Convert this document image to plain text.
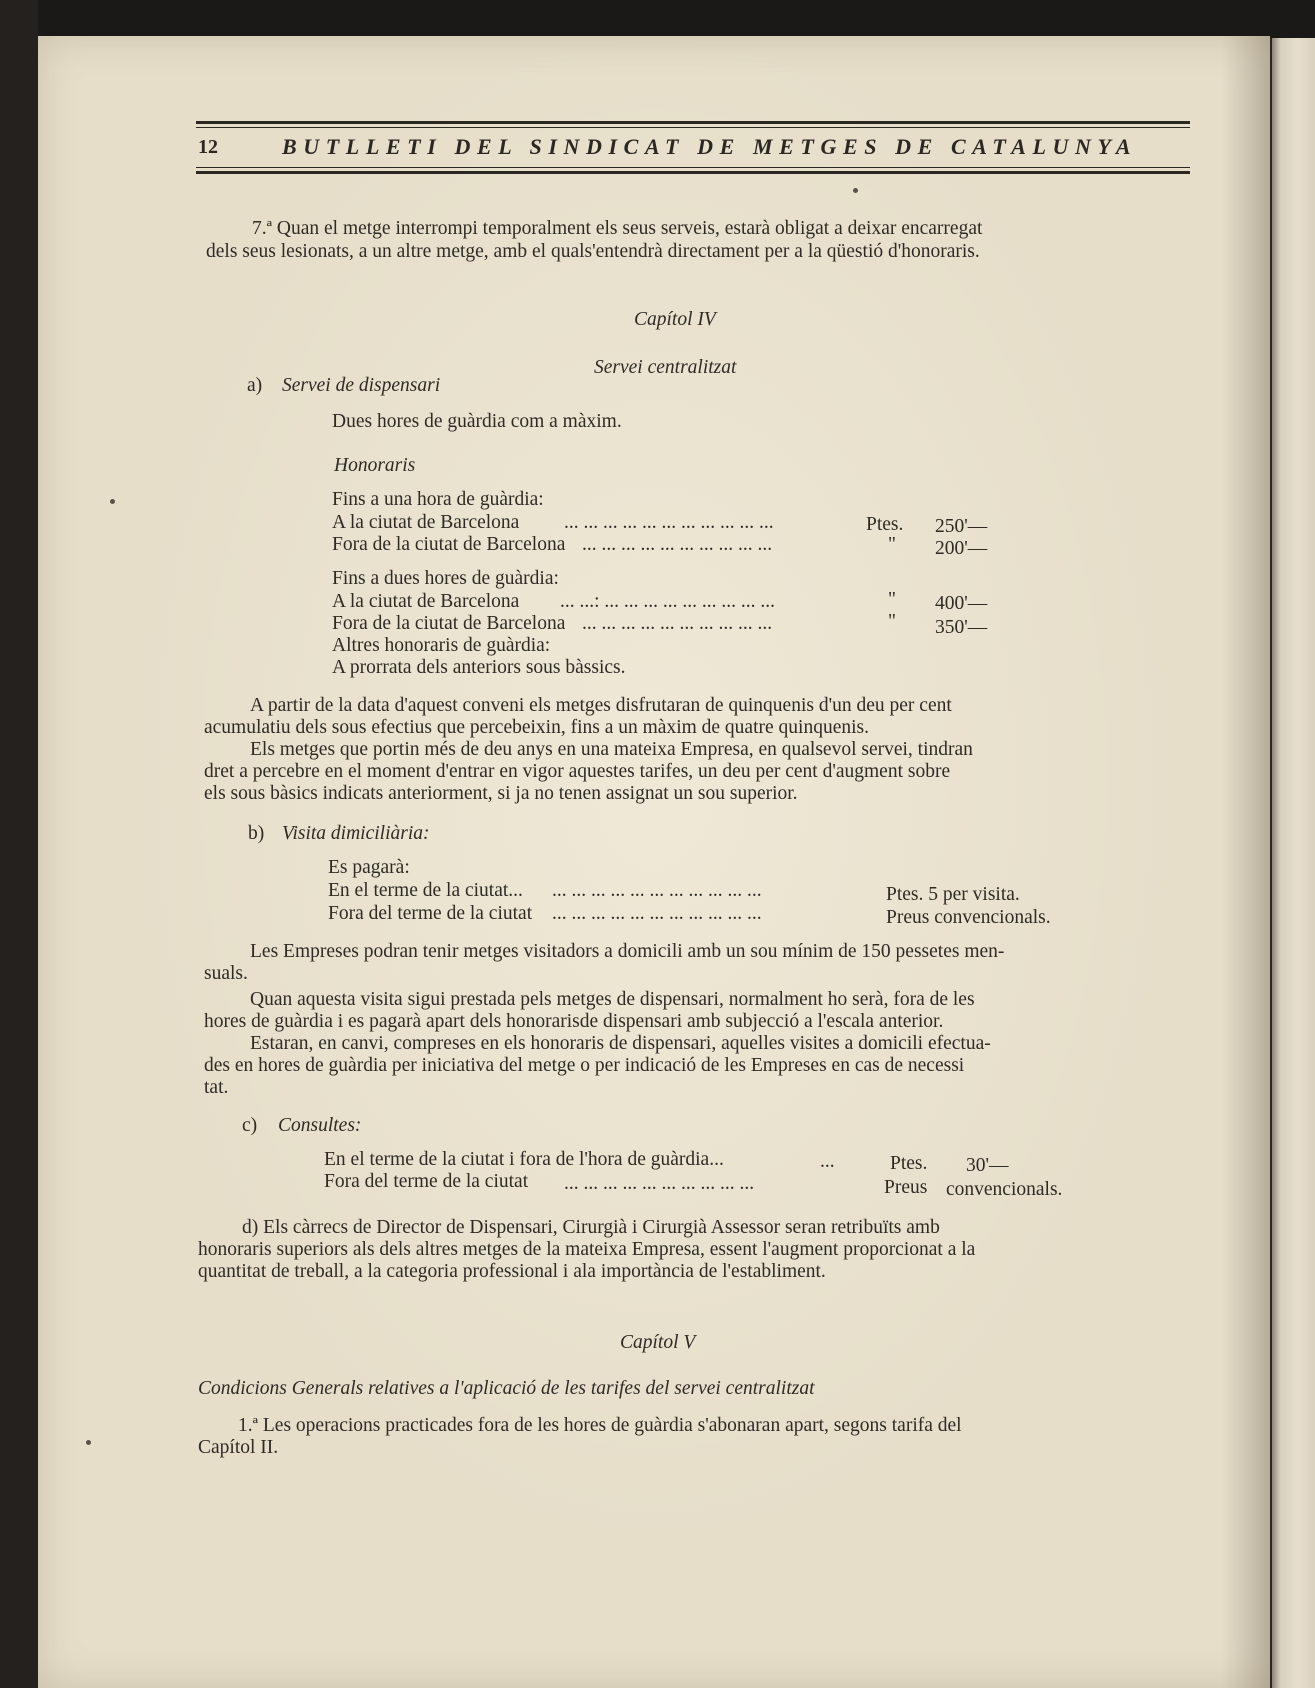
12	BUTLLETI DEL SINDICAT DE METGES DE CATALUNYA
7.ª Quan el metge interrompi temporalment els seus serveis, estarà obligat a deixar encarregat
dels seus lesionats, a un altre metge, amb el quals'entendrà directament per a la qüestió d'honoraris.
Capítol IV
Servei centralitzat
a) Servei de dispensari
Dues hores de guàrdia com a màxim.
Honoraris
Fins a una hora de guàrdia:
A la ciutat de Barcelona ... ... ... ... ... ... ... ... ... ... ...	Ptes. 250'—
Fora de la ciutat de Barcelona ... ... ... ... ... ... ... ... ... ...	" 200'—
Fins a dues hores de guàrdia:
A la ciutat de Barcelona ... ...: ... ... ... ... ... ... ... ... ...	" 400'—
Fora de la ciutat de Barcelona ... ... ... ... ... ... ... ... ... ...	" 350'—
Altres honoraris de guàrdia:
A prorrata dels anteriors sous bàssics.
A partir de la data d'aquest conveni els metges disfrutaran de quinquenis d'un deu per cent
acumulatiu dels sous efectius que percebeixin, fins a un màxim de quatre quinquenis.
Els metges que portin més de deu anys en una mateixa Empresa, en qualsevol servei, tindran
dret a percebre en el moment d'entrar en vigor aquestes tarifes, un deu per cent d'augment sobre
els sous bàsics indicats anteriorment, si ja no tenen assignat un sou superior.
b) Visita dimiciliària:
Es pagarà:
En el terme de la ciutat... ... ... ... ... ... ... ... ... ... ... ...	Ptes. 5 per visita.
Fora del terme de la ciutat ... ... ... ... ... ... ... ... ... ... ...	Preus convencionals.
Les Empreses podran tenir metges visitadors a domicili amb un sou mínim de 150 pessetes men-
suals.
Quan aquesta visita sigui prestada pels metges de dispensari, normalment ho serà, fora de les
hores de guàrdia i es pagarà apart dels honorarisde dispensari amb subjecció a l'escala anterior.
Estaran, en canvi, compreses en els honoraris de dispensari, aquelles visites a domicili efectua-
des en hores de guàrdia per iniciativa del metge o per indicació de les Empreses en cas de necessi
tat.
c) Consultes:
En el terme de la ciutat i fora de l'hora de guàrdia...	...	Ptes. 30'—
Fora del terme de la ciutat ... ... ... ... ... ... ... ... ... ...	Preus convencionals.
d) Els càrrecs de Director de Dispensari, Cirurgià i Cirurgià Assessor seran retribuïts amb
honoraris superiors als dels altres metges de la mateixa Empresa, essent l'augment proporcionat a la
quantitat de treball, a la categoria professional i ala importància de l'establiment.
Capítol V
Condicions Generals relatives a l'aplicació de les tarifes del servei centralitzat
1.ª Les operacions practicades fora de les hores de guàrdia s'abonaran apart, segons tarifa del
Capítol II.
